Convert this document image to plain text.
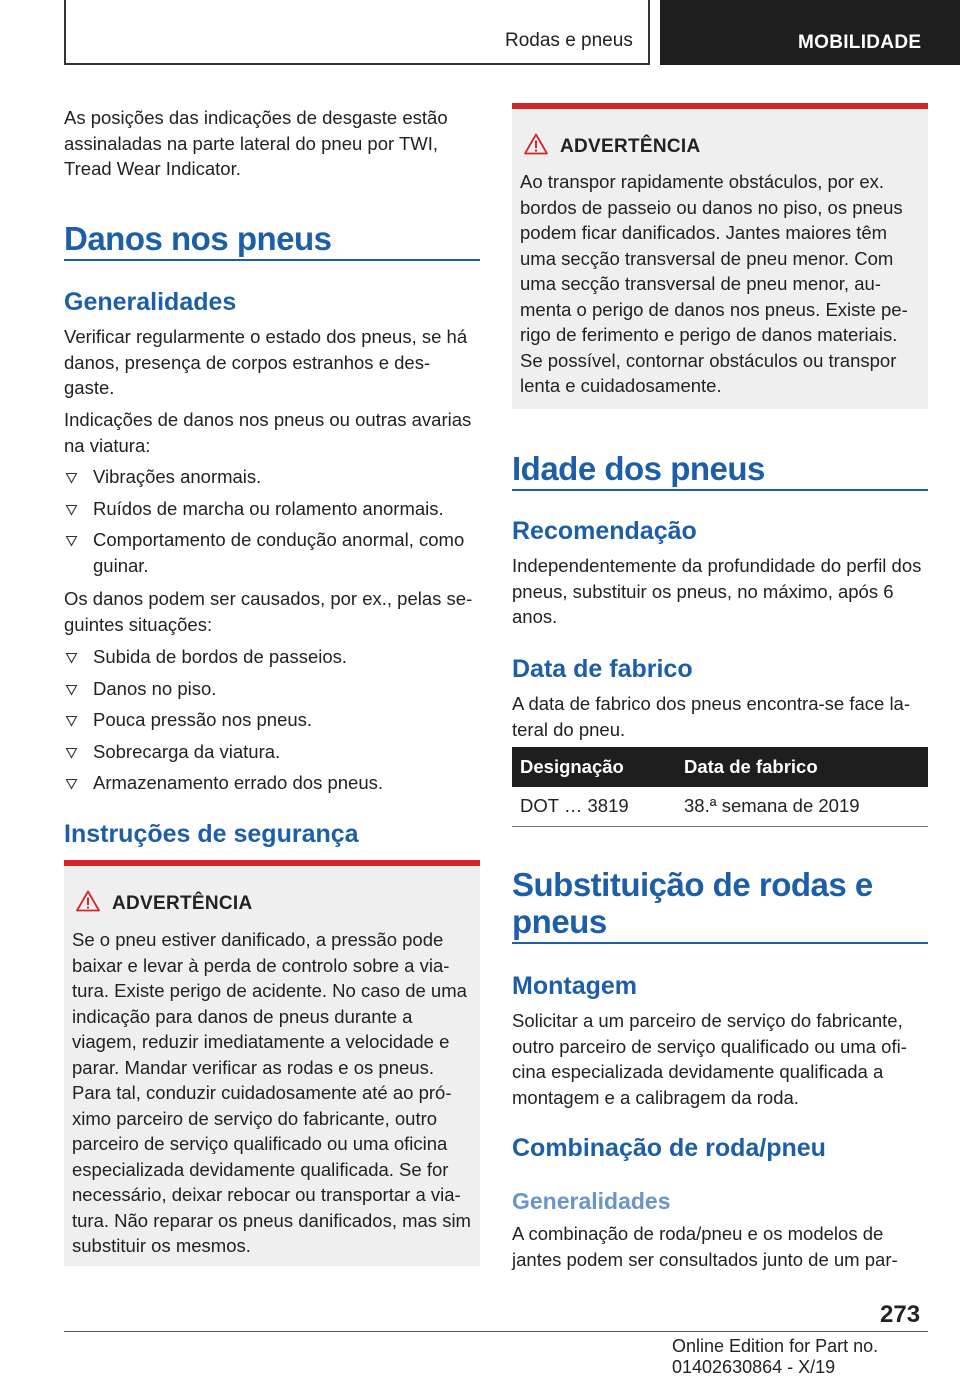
Rodas e pneus	MOBILIDADE
As posições das indicações de desgaste estão assinaladas na parte lateral do pneu por TWI, Tread Wear Indicator.
Danos nos pneus
Generalidades
Verificar regularmente o estado dos pneus, se há danos, presença de corpos estranhos e des-gaste.
Indicações de danos nos pneus ou outras avarias na viatura:
Vibrações anormais.
Ruídos de marcha ou rolamento anormais.
Comportamento de condução anormal, como guinar.
Os danos podem ser causados, por ex., pelas se-guintes situações:
Subida de bordos de passeios.
Danos no piso.
Pouca pressão nos pneus.
Sobrecarga da viatura.
Armazenamento errado dos pneus.
Instruções de segurança
ADVERTÊNCIA
Se o pneu estiver danificado, a pressão pode baixar e levar à perda de controlo sobre a via-tura. Existe perigo de acidente. No caso de uma indicação para danos de pneus durante a viagem, reduzir imediatamente a velocidade e parar. Mandar verificar as rodas e os pneus. Para tal, conduzir cuidadosamente até ao pró-ximo parceiro de serviço do fabricante, outro parceiro de serviço qualificado ou uma oficina especializada devidamente qualificada. Se for necessário, deixar rebocar ou transportar a via-tura. Não reparar os pneus danificados, mas sim substituir os mesmos.
ADVERTÊNCIA
Ao transpor rapidamente obstáculos, por ex. bordos de passeio ou danos no piso, os pneus podem ficar danificados. Jantes maiores têm uma secção transversal de pneu menor. Com uma secção transversal de pneu menor, au-menta o perigo de danos nos pneus. Existe pe-rigo de ferimento e perigo de danos materiais. Se possível, contornar obstáculos ou transpor lenta e cuidadosamente.
Idade dos pneus
Recomendação
Independentemente da profundidade do perfil dos pneus, substituir os pneus, no máximo, após 6 anos.
Data de fabrico
A data de fabrico dos pneus encontra-se face la-teral do pneu.
Designação	Data de fabrico
DOT … 3819	38.ª semana de 2019
Substituição de rodas e pneus
Montagem
Solicitar a um parceiro de serviço do fabricante, outro parceiro de serviço qualificado ou uma ofi-cina especializada devidamente qualificada a montagem e a calibragem da roda.
Combinação de roda/pneu
Generalidades
A combinação de roda/pneu e os modelos de jantes podem ser consultados junto de um par-
273
Online Edition for Part no. 01402630864 - X/19
